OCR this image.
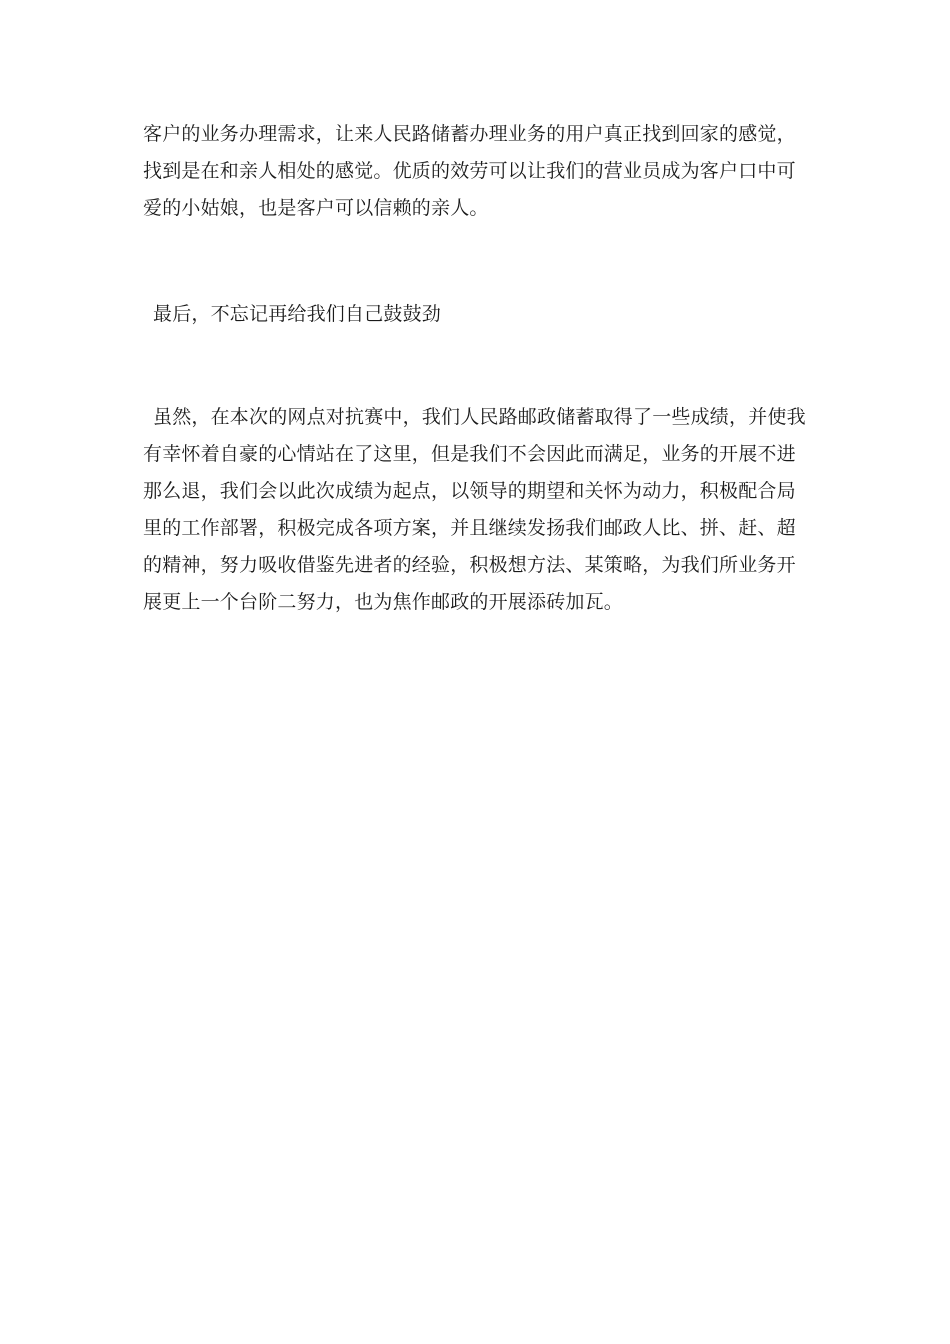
客户的业务办理需求，让来人民路储蓄办理业务的用户真正找到回家的感觉，
找到是在和亲人相处的感觉。优质的效劳可以让我们的营业员成为客户口中可
爱的小姑娘，也是客户可以信赖的亲人。

最后，不忘记再给我们自己鼓鼓劲

虽然，在本次的网点对抗赛中，我们人民路邮政储蓄取得了一些成绩，并使我
有幸怀着自豪的心情站在了这里，但是我们不会因此而满足，业务的开展不进
那么退，我们会以此次成绩为起点，以领导的期望和关怀为动力，积极配合局
里的工作部署，积极完成各项方案，并且继续发扬我们邮政人比、拼、赶、超
的精神，努力吸收借鉴先进者的经验，积极想方法、某策略，为我们所业务开
展更上一个台阶二努力，也为焦作邮政的开展添砖加瓦。
